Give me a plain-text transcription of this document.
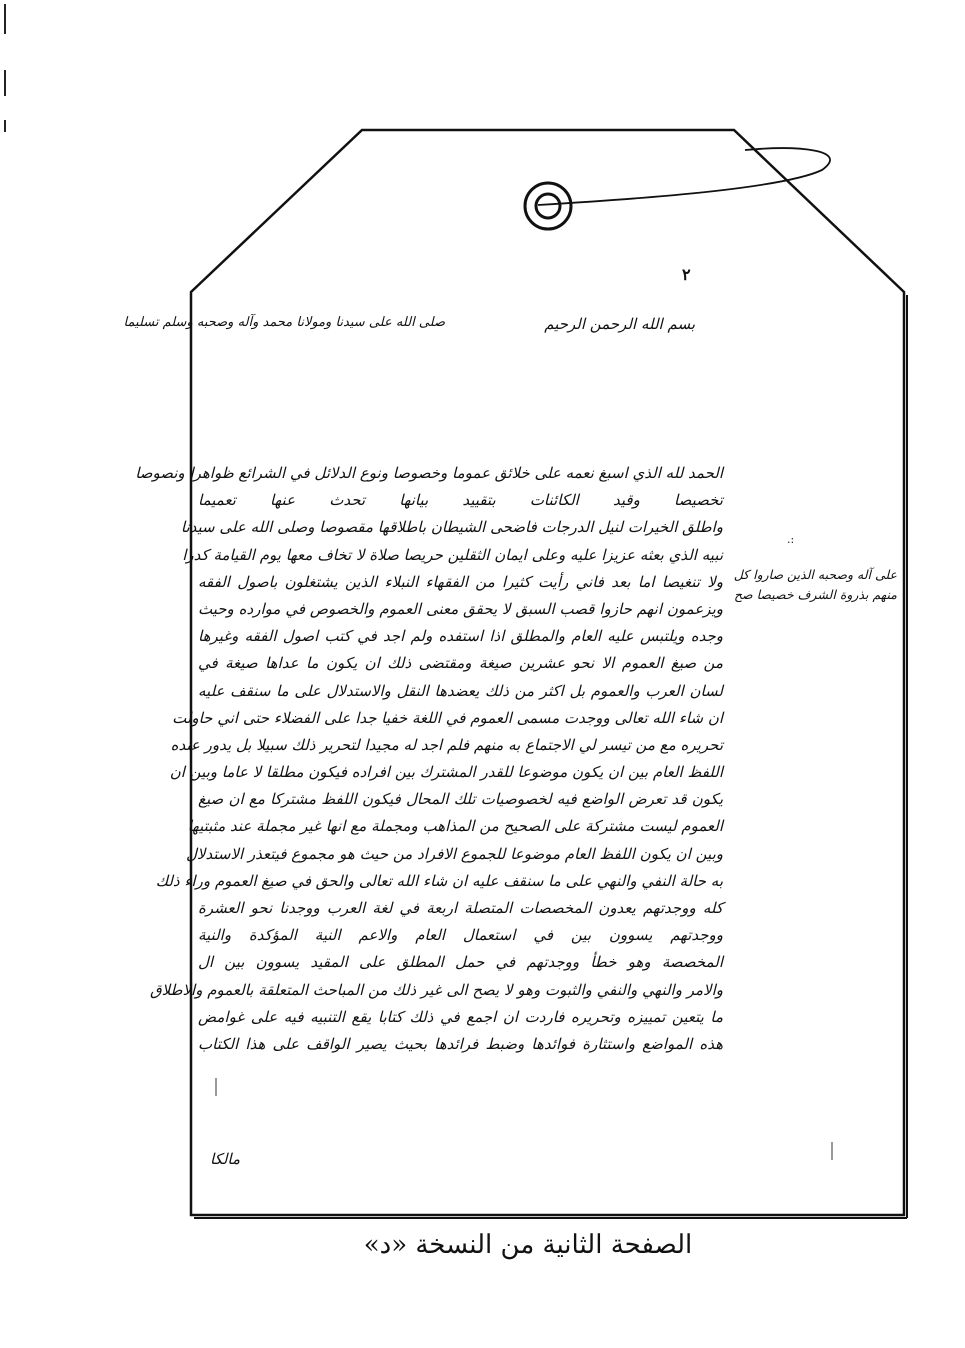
٢
بسم الله الرحمن الرحيم
صلى الله على سيدنا ومولانا محمد وآله وصحبه وسلم تسليما
الحمد لله الذي اسبغ نعمه على خلائق عموما وخصوصا ونوع الدلائل في الشرائع ظواهرا ونصوصا
تخصيصا وقيد الكائنات بتقييد بيانها تحدث عنها تعميما
واطلق الخيرات لنيل الدرجات فاضحى الشيطان باطلاقها مقصوصا وصلى الله على سيدنا
نبيه الذي بعثه عزيزا عليه وعلى ايمان الثقلين حريصا صلاة لا تخاف معها يوم القيامة كدرا
ولا تنغيصا اما بعد فاني رأيت كثيرا من الفقهاء النبلاء الذين يشتغلون باصول الفقه
ويزعمون انهم حازوا قصب السبق لا يحقق معنى العموم والخصوص في موارده وحيث
وجده ويلتبس عليه العام والمطلق اذا استفده ولم اجد في كتب اصول الفقه وغيرها
من صيغ العموم الا نحو عشرين صيغة ومقتضى ذلك ان يكون ما عداها صيغة في
لسان العرب والعموم بل اكثر من ذلك يعضدها النقل والاستدلال على ما سنقف عليه
ان شاء الله تعالى ووجدت مسمى العموم في اللغة خفيا جدا على الفضلاء حتى اني حاولت
تحريره مع من تيسر لي الاجتماع به منهم فلم اجد له مجيدا لتحرير ذلك سبيلا بل يدور عنده
اللفظ العام بين ان يكون موضوعا للقدر المشترك بين افراده فيكون مطلقا لا عاما وبين ان
يكون قد تعرض الواضع فيه لخصوصيات تلك المحال فيكون اللفظ مشتركا مع ان صيغ
العموم ليست مشتركة على الصحيح من المذاهب ومجملة مع انها غير مجملة عند مثبتيها
وبين ان يكون اللفظ العام موضوعا للجموع الافراد من حيث هو مجموع فيتعذر الاستدلال
به حالة النفي والنهي على ما سنقف عليه ان شاء الله تعالى والحق في صيغ العموم وراء ذلك
كله ووجدتهم يعدون المخصصات المتصلة اربعة في لغة العرب ووجدنا نحو العشرة
ووجدتهم يسوون بين في استعمال العام والاعم النية المؤكدة والنية
المخصصة وهو خطأ ووجدتهم في حمل المطلق على المقيد يسوون بين ال
والامر والنهي والنفي والثبوت وهو لا يصح الى غير ذلك من المباحث المتعلقة بالعموم والاطلاق
ما يتعين تمييزه وتحريره فاردت ان اجمع في ذلك كتابا يقع التنبيه فيه على غوامض
هذه المواضع واستثارة فوائدها وضبط فرائدها بحيث يصير الواقف على هذا الكتاب
.:
على آله وصحبه الذين صاروا كل
منهم بذروة الشرف خصيصا صح
مالكا
الصفحة الثانية من النسخة «د»
